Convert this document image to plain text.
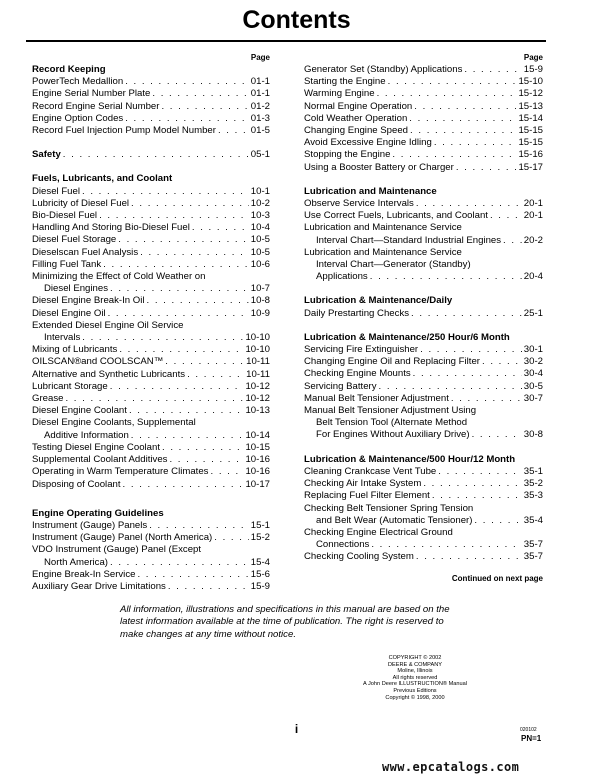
Contents
Page
Record Keeping
PowerTech Medallion . . .	01-1
Engine Serial Number Plate . . .	01-1
Record Engine Serial Number . . .	01-2
Engine Option Codes . . .	01-3
Record Fuel Injection Pump Model Number . . .	01-5
Safety . . .	05-1
Fuels, Lubricants, and Coolant
Diesel Fuel . . .	10-1
Lubricity of Diesel Fuel . . .	10-2
Bio-Diesel Fuel . . .	10-3
Handling And Storing Bio-Diesel Fuel . . .	10-4
Diesel Fuel Storage . . .	10-5
Dieselscan Fuel Analysis . . .	10-5
Filling Fuel Tank . . .	10-6
Minimizing the Effect of Cold Weather on
Diesel Engines . . .	10-7
Diesel Engine Break-In Oil . . .	10-8
Diesel Engine Oil . . .	10-9
Extended Diesel Engine Oil Service
Intervals . . .	10-10
Mixing of Lubricants . . .	10-10
OILSCAN®and COOLSCAN™ . . .	10-11
Alternative and Synthetic Lubricants . . .	10-11
Lubricant Storage . . .	10-12
Grease . . .	10-12
Diesel Engine Coolant . . .	10-13
Diesel Engine Coolants, Supplemental
Additive Information . . .	10-14
Testing Diesel Engine Coolant . . .	10-15
Supplemental Coolant Additives . . .	10-16
Operating in Warm Temperature Climates . . .	10-16
Disposing of Coolant . . .	10-17
Engine Operating Guidelines
Instrument (Gauge) Panels . . .	15-1
Instrument (Gauge) Panel (North America) . . .	15-2
VDO Instrument (Gauge) Panel (Except
North America) . . .	15-4
Engine Break-In Service . . .	15-6
Auxiliary Gear Drive Limitations . . .	15-9
Page
Generator Set (Standby) Applications . . .	15-9
Starting the Engine . . .	15-10
Warming Engine . . .	15-12
Normal Engine Operation . . .	15-13
Cold Weather Operation . . .	15-14
Changing Engine Speed . . .	15-15
Avoid Excessive Engine Idling . . .	15-15
Stopping the Engine . . .	15-16
Using a Booster Battery or Charger . . .	15-17
Lubrication and Maintenance
Observe Service Intervals . . .	20-1
Use Correct Fuels, Lubricants, and Coolant . . .	20-1
Lubrication and Maintenance Service
Interval Chart—Standard Industrial Engines . . . 20-2
Lubrication and Maintenance Service
Interval Chart—Generator (Standby)
Applications . . .	20-4
Lubrication & Maintenance/Daily
Daily Prestarting Checks . . .	25-1
Lubrication & Maintenance/250 Hour/6 Month
Servicing Fire Extinguisher . . .	30-1
Changing Engine Oil and Replacing Filter . . .	30-2
Checking Engine Mounts . . .	30-4
Servicing Battery . . .	30-5
Manual Belt Tensioner Adjustment . . .	30-7
Manual Belt Tensioner Adjustment Using
Belt Tension Tool (Alternate Method
For Engines Without Auxiliary Drive) . . .	30-8
Lubrication & Maintenance/500 Hour/12 Month
Cleaning Crankcase Vent Tube . . .	35-1
Checking Air Intake System . . .	35-2
Replacing Fuel Filter Element . . .	35-3
Checking Belt Tensioner Spring Tension
and Belt Wear (Automatic Tensioner) . . .	35-4
Checking Engine Electrical Ground
Connections . . .	35-7
Checking Cooling System . . .	35-7
Continued on next page
All information, illustrations and specifications in this manual are based on the latest information available at the time of publication. The right is reserved to make changes at any time without notice.
COPYRIGHT © 2002
DEERE & COMPANY
Moline, Illinois
All rights reserved
A John Deere ILLUSTRUCTION® Manual
Previous Editions
Copyright © 1998, 2000
i	020102
PN=1
www.epcatalogs.com
